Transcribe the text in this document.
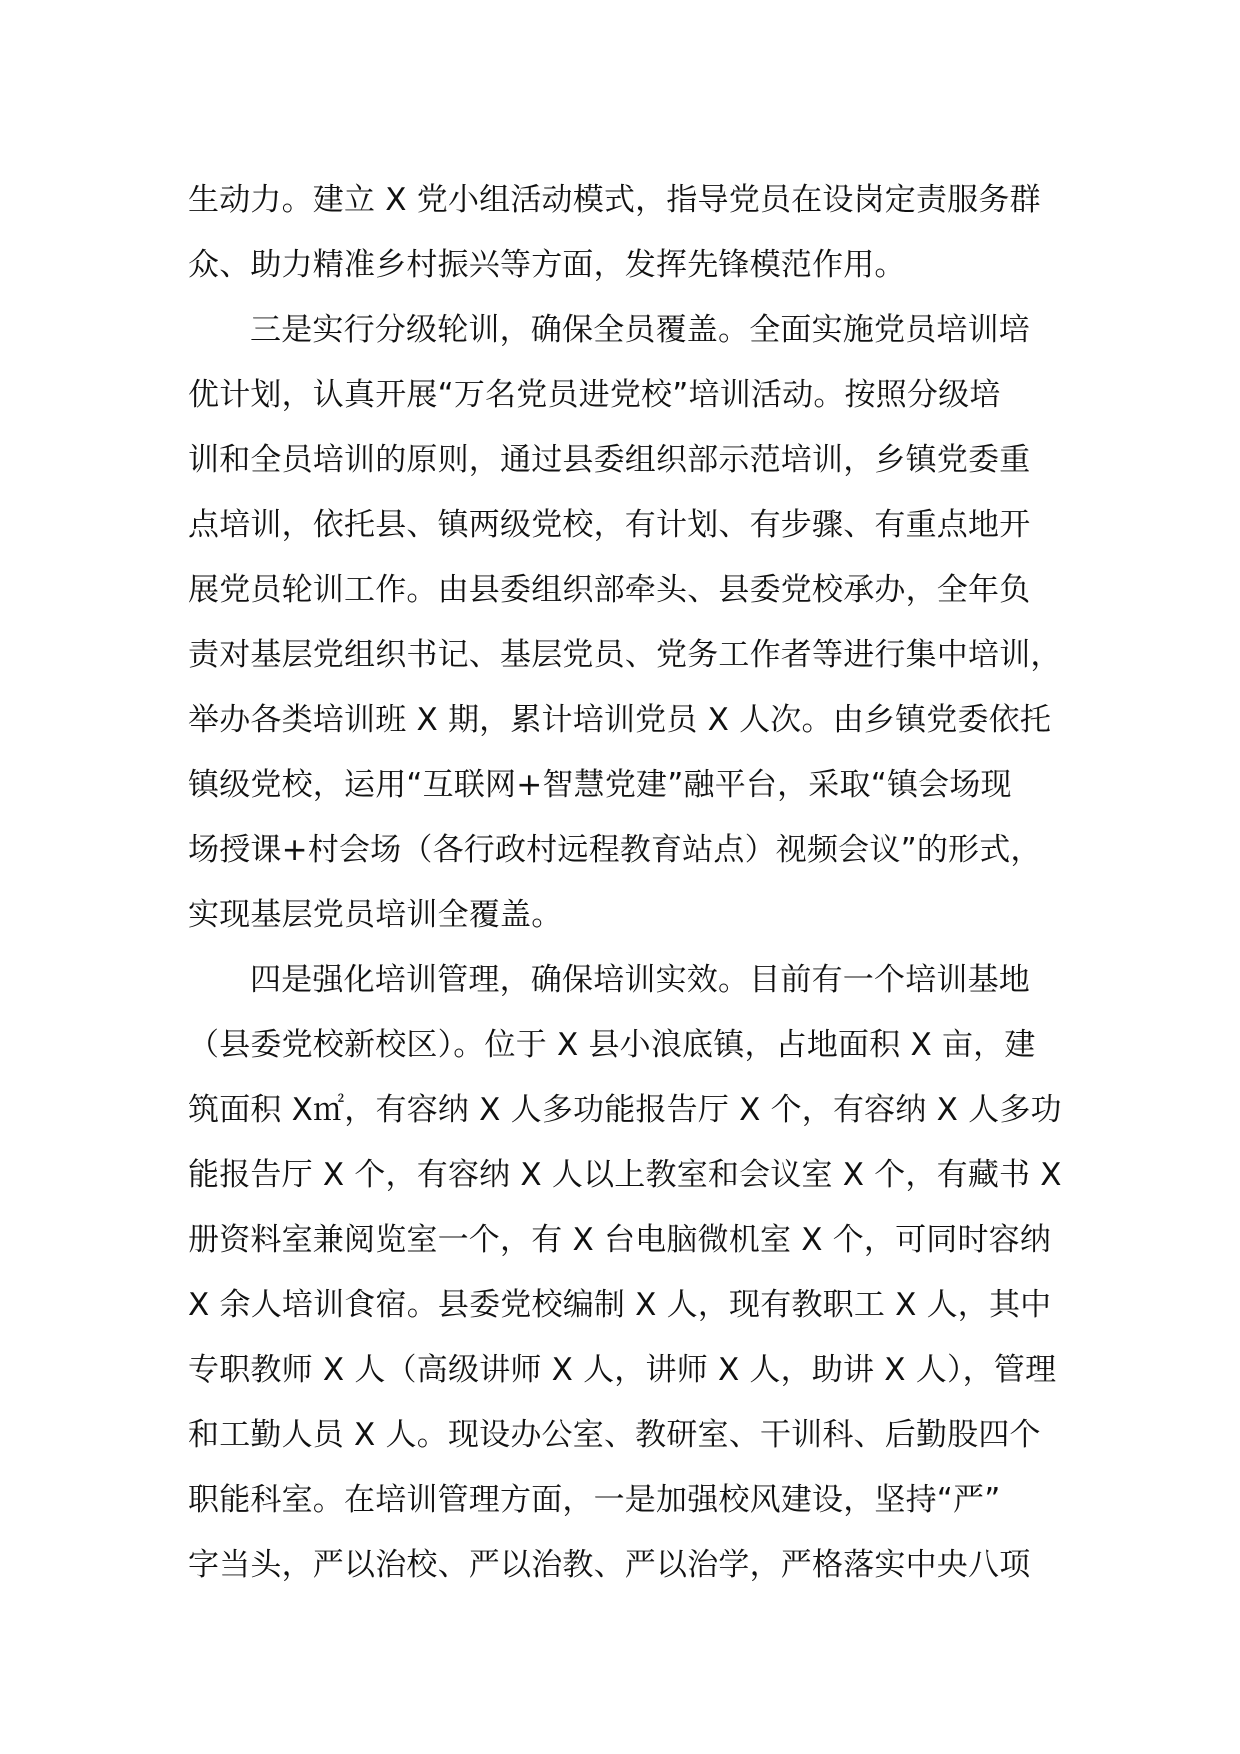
生动力。建立 X 党小组活动模式，指导党员在设岗定责服务群
众、助力精准乡村振兴等方面，发挥先锋模范作用。
三是实行分级轮训，确保全员覆盖。全面实施党员培训培
优计划，认真开展“万名党员进党校”培训活动。按照分级培
训和全员培训的原则，通过县委组织部示范培训，乡镇党委重
点培训，依托县、镇两级党校，有计划、有步骤、有重点地开
展党员轮训工作。由县委组织部牵头、县委党校承办，全年负
责对基层党组织书记、基层党员、党务工作者等进行集中培训，
举办各类培训班 X 期，累计培训党员 X 人次。由乡镇党委依托
镇级党校，运用“互联网+智慧党建”融平台，采取“镇会场现
场授课+村会场（各行政村远程教育站点）视频会议”的形式，
实现基层党员培训全覆盖。
四是强化培训管理，确保培训实效。目前有一个培训基地
（县委党校新校区）。位于 X 县小浪底镇，占地面积 X 亩，建
筑面积 X㎡，有容纳 X 人多功能报告厅 X 个，有容纳 X 人多功
能报告厅 X 个，有容纳 X 人以上教室和会议室 X 个，有藏书 X
册资料室兼阅览室一个，有 X 台电脑微机室 X 个，可同时容纳
X 余人培训食宿。县委党校编制 X 人，现有教职工 X 人，其中
专职教师 X 人（高级讲师 X 人，讲师 X 人，助讲 X 人），管理
和工勤人员 X 人。现设办公室、教研室、干训科、后勤股四个
职能科室。在培训管理方面，一是加强校风建设，坚持“严”
字当头，严以治校、严以治教、严以治学，严格落实中央八项
